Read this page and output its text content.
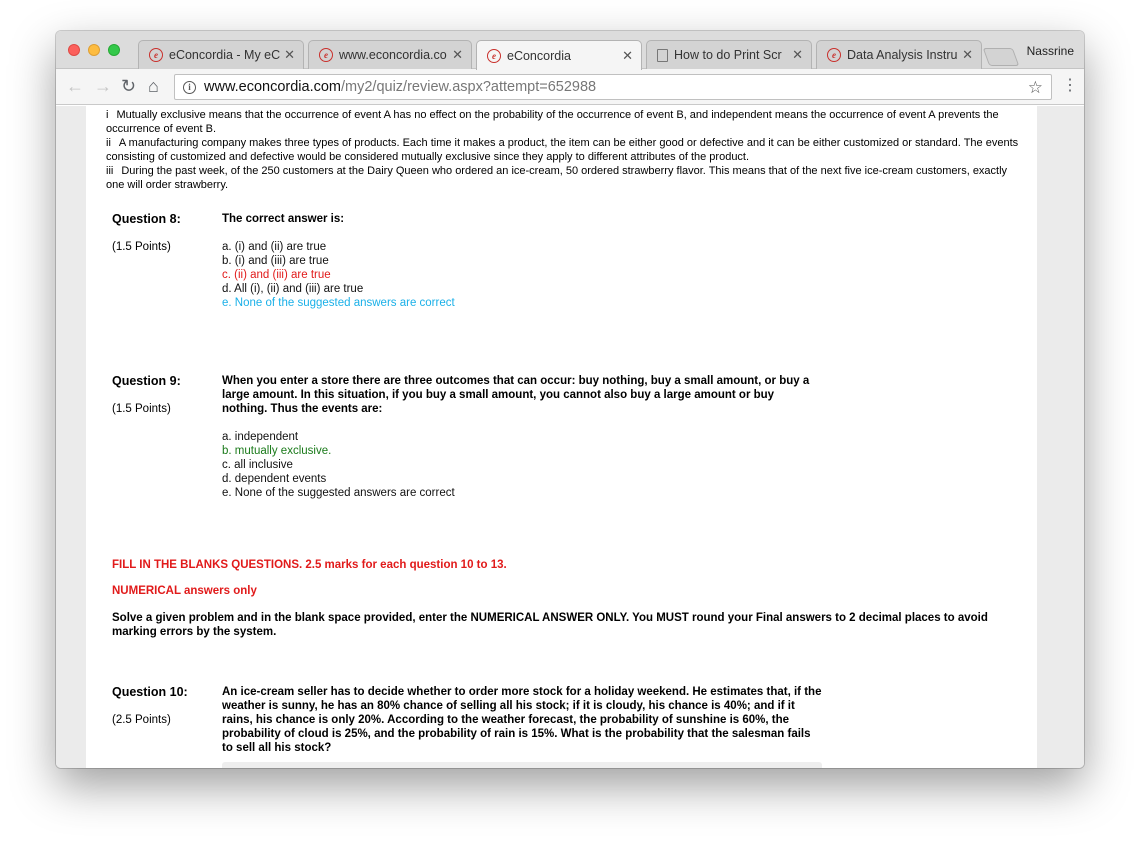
e eConcordia - My eC ✕	e www.econcordia.co ✕	e eConcordia	✕	How to do Print Scr ✕	e Data Analysis Instru ✕	Nassrine
← → ↻ ⌂	i www.econcordia.com /my2/quiz/review.aspx?attempt=652988	☆ ⋮
i Mutually exclusive means that the occurrence of event A has no effect on the probability of the occurrence of event B, and independent means the occurrence of event A prevents the occurrence of event B.
ii A manufacturing company makes three types of products. Each time it makes a product, the item can be either good or defective and it can be either customized or standard. The events consisting of customized and defective would be considered mutually exclusive since they apply to different attributes of the product.
iii During the past week, of the 250 customers at the Dairy Queen who ordered an ice-cream, 50 ordered strawberry flavor. This means that of the next five ice-cream customers, exactly one will order strawberry.
Question 8:
(1.5 Points)
The correct answer is:
a. (i) and (ii) are true
b. (i) and (iii) are true
c. (ii) and (iii) are true
d. All (i), (ii) and (iii) are true
e. None of the suggested answers are correct
Question 9:
(1.5 Points)
When you enter a store there are three outcomes that can occur: buy nothing, buy a small amount, or buy a large amount. In this situation, if you buy a small amount, you cannot also buy a large amount or buy nothing. Thus the events are:
a. independent
b. mutually exclusive.
c. all inclusive
d. dependent events
e. None of the suggested answers are correct
FILL IN THE BLANKS QUESTIONS. 2.5 marks for each question 10 to 13.
NUMERICAL answers only
Solve a given problem and in the blank space provided, enter the NUMERICAL ANSWER ONLY. You MUST round your Final answers to 2 decimal places to avoid marking errors by the system.
Question 10:
(2.5 Points)
An ice-cream seller has to decide whether to order more stock for a holiday weekend. He estimates that, if the weather is sunny, he has an 80% chance of selling all his stock; if it is cloudy, his chance is 40%; and if it rains, his chance is only 20%. According to the weather forecast, the probability of sunshine is 60%, the probability of cloud is 25%, and the probability of rain is 15%. What is the probability that the salesman fails to sell all his stock?
